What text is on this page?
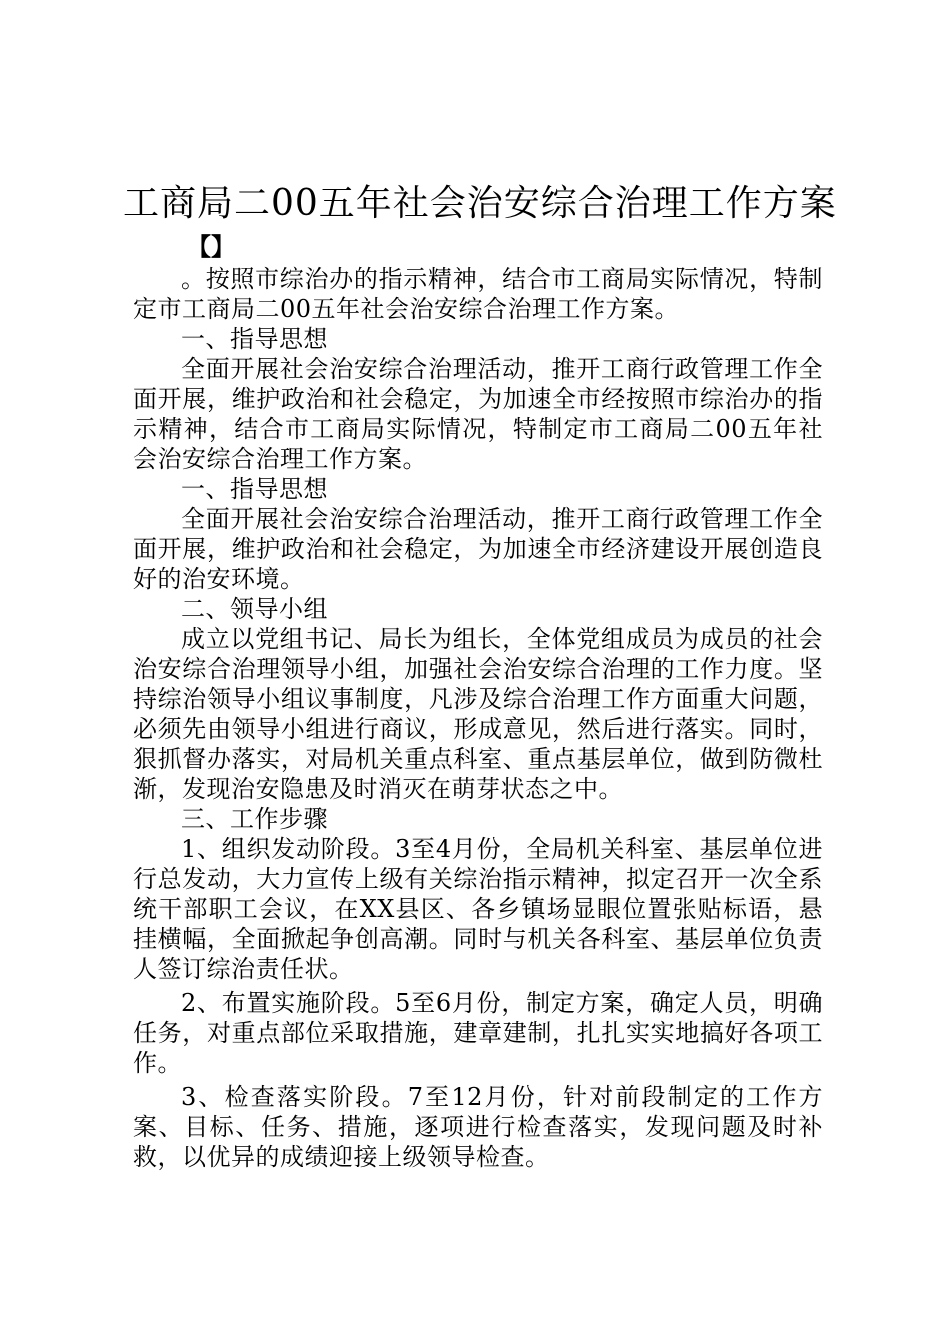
工商局二00五年社会治安综合治理工作方案
【】

。按照市综治办的指示精神，结合市工商局实际情况，特制定市工商局二00五年社会治安综合治理工作方案。

一、指导思想

全面开展社会治安综合治理活动，推开工商行政管理工作全面开展，维护政治和社会稳定，为加速全市经按照市综治办的指示精神，结合市工商局实际情况，特制定市工商局二00五年社会治安综合治理工作方案。

一、指导思想

全面开展社会治安综合治理活动，推开工商行政管理工作全面开展，维护政治和社会稳定，为加速全市经济建设开展创造良好的治安环境。

二、领导小组

成立以党组书记、局长为组长，全体党组成员为成员的社会治安综合治理领导小组，加强社会治安综合治理的工作力度。坚持综治领导小组议事制度，凡涉及综合治理工作方面重大问题，必须先由领导小组进行商议，形成意见，然后进行落实。同时，狠抓督办落实，对局机关重点科室、重点基层单位，做到防微杜渐，发现治安隐患及时消灭在萌芽状态之中。

三、工作步骤

1、组织发动阶段。3至4月份，全局机关科室、基层单位进行总发动，大力宣传上级有关综治指示精神，拟定召开一次全系统干部职工会议，在XX县区、各乡镇场显眼位置张贴标语，悬挂横幅，全面掀起争创高潮。同时与机关各科室、基层单位负责人签订综治责任状。

2、布置实施阶段。5至6月份，制定方案，确定人员，明确任务，对重点部位采取措施，建章建制，扎扎实实地搞好各项工作。

3、检查落实阶段。7至12月份，针对前段制定的工作方案、目标、任务、措施，逐项进行检查落实，发现问题及时补救，以优异的成绩迎接上级领导检查。
